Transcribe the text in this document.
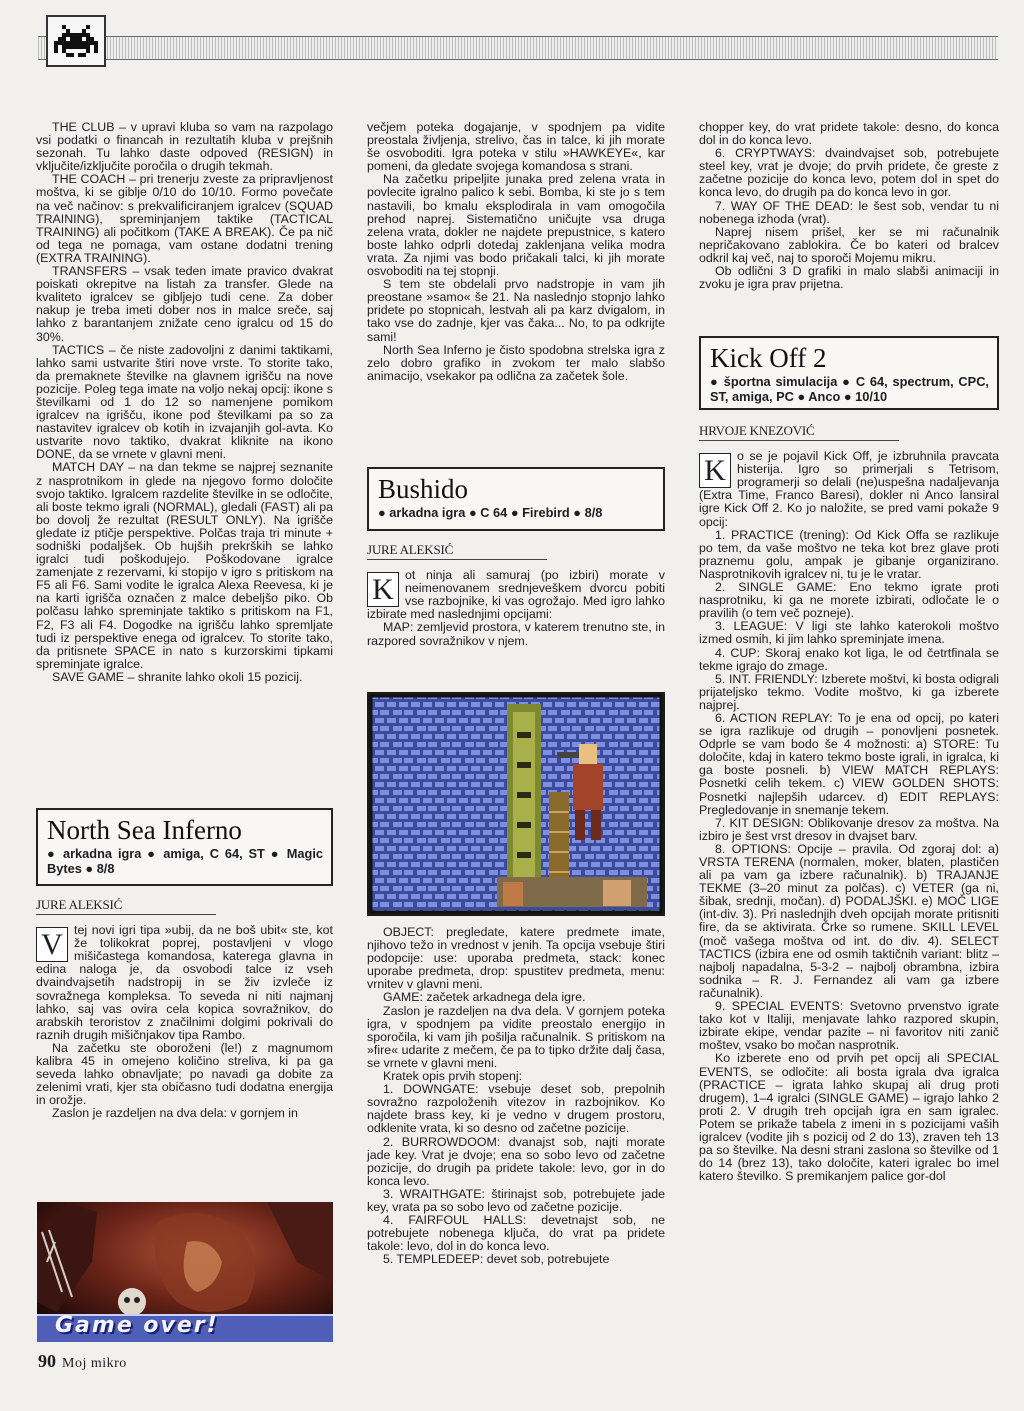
THE CLUB – v upravi kluba so vam na razpolago vsi podatki o financah in rezultatih kluba v prejšnih sezonah. Tu lahko daste odpoved (RESIGN) in vključite/izključite poročila o drugih tekmah.

THE COACH – pri trenerju zveste za pripravljenost moštva, ki se giblje 0/10 do 10/10. Formo povečate na več načinov: s prekvalificiranjem igralcev (SQUAD TRAINING), spreminjanjem taktike (TACTICAL TRAINING) ali počitkom (TAKE A BREAK). Če pa nič od tega ne pomaga, vam ostane dodatni trening (EXTRA TRAINING).

TRANSFERS – vsak teden imate pravico dvakrat poiskati okrepitve na listah za transfer. Glede na kvaliteto igralcev se gibljejo tudi cene. Za dober nakup je treba imeti dober nos in malce sreče, saj lahko z barantanjem znižate ceno igralcu od 15 do 30%.

TACTICS – če niste zadovoljni z danimi taktikami, lahko sami ustvarite štiri nove vrste. To storite tako, da premaknete številke na glavnem igrišču na nove pozicije. Poleg tega imate na voljo nekaj opcij: ikone s številkami od 1 do 12 so namenjene pomikom igralcev na igrišču, ikone pod številkami pa so za nastavitev igralcev ob kotih in izvajanjih gol-avta. Ko ustvarite novo taktiko, dvakrat kliknite na ikono DONE, da se vrnete v glavni meni.

MATCH DAY – na dan tekme se najprej seznanite z nasprotnikom in glede na njegovo formo določite svojo taktiko. Igralcem razdelite številke in se odločite, ali boste tekmo igrali (NORMAL), gledali (FAST) ali pa bo dovolj že rezultat (RESULT ONLY). Na igrišče gledate iz ptičje perspektive. Polčas traja tri minute + sodniški podaljšek. Ob hujših prekrških se lahko igralci tudi poškodujejo. Poškodovane igralce zamenjate z rezervami, ki stopijo v igro s pritiskom na F5 ali F6. Sami vodite le igralca Alexa Reevesa, ki je na karti igrišča označen z malce debeljšo piko. Ob polčasu lahko spreminjate taktiko s pritiskom na F1, F2, F3 ali F4. Dogodke na igrišču lahko spremljate tudi iz perspektive enega od igralcev. To storite tako, da pritisnete SPACE in nato s kurzorskimi tipkami spreminjate igralce.

SAVE GAME – shranite lahko okoli 15 pozicij.

North Sea Inferno
● arkadna igra ● amiga, C 64, ST ● Magic Bytes ● 8/8
JURE ALEKSIĆ
V tej novi igri tipa »ubij, da ne boš ubit« ste, kot že tolikokrat poprej, postavljeni v vlogo mišičastega komandosa, katerega glavna in edina naloga je, da osvobodi talce iz vseh dvaindvajsetih nadstropij in se živ izvleče iz sovražnega kompleksa. To seveda ni niti najmanj lahko, saj vas ovira cela kopica sovražnikov, do arabskih teroristov z značilnimi dolgimi pokrivali do raznih drugih mišičnjakov tipa Rambo.

Na začetku ste oboroženi (le!) z magnumom kalibra 45 in omejeno količino streliva, ki pa ga seveda lahko obnavljate; po navadi ga dobite za zelenimi vrati, kjer sta običasno tudi dodatna energija in orožje.

Zaslon je razdeljen na dva dela: v gornjem in

Game over!

večjem poteka dogajanje, v spodnjem pa vidite preostala življenja, strelivo, čas in talce, ki jih morate še osvoboditi. Igra poteka v stilu »HAWKEYE«, kar pomeni, da gledate svojega komandosa s strani.

Na začetku pripeljite junaka pred zelena vrata in povlecite igralno palico k sebi. Bomba, ki ste jo s tem nastavili, bo kmalu eksplodirala in vam omogočila prehod naprej. Sistematično uničujte vsa druga zelena vrata, dokler ne najdete prepustnice, s katero boste lahko odprli dotedaj zaklenjana velika modra vrata. Za njimi vas bodo pričakali talci, ki jih morate osvoboditi na tej stopnji.

S tem ste obdelali prvo nadstropje in vam jih preostane »samo« še 21. Na naslednjo stopnjo lahko pridete po stopnicah, lestvah ali pa karz dvigalom, in tako vse do zadnje, kjer vas čaka... No, to pa odkrijte sami!

North Sea Inferno je čisto spodobna strelska igra z zelo dobro grafiko in zvokom ter malo slabšo animacijo, vsekakor pa odlična za začetek šole.

Bushido
● arkadna igra ● C 64 ● Firebird ● 8/8
JURE ALEKSIĆ
K ot ninja ali samuraj (po izbiri) morate v neimenovanem srednjeveškem dvorcu pobiti vse razbojnike, ki vas ogrožajo. Med igro lahko izbirate med naslednjimi opcijami:

MAP: zemljevid prostora, v katerem trenutno ste, in razpored sovražnikov v njem.

OBJECT: pregledate, katere predmete imate, njihovo težo in vrednost v jenih. Ta opcija vsebuje štiri podopcije: use: uporaba predmeta, stack: konec uporabe predmeta, drop: spustitev predmeta, menu: vrnitev v glavni meni.

GAME: začetek arkadnega dela igre.

Zaslon je razdeljen na dva dela. V gornjem poteka igra, v spodnjem pa vidite preostalo energijo in sporočila, ki vam jih pošilja računalnik. S pritiskom na »fire« udarite z mečem, če pa to tipko držite dalj časa, se vrnete v glavni meni.

Kratek opis prvih stopenj:

1. DOWNGATE: vsebuje deset sob, prepolnih sovražno razpoloženih vitezov in razbojnikov. Ko najdete brass key, ki je vedno v drugem prostoru, odklenite vrata, ki so desno od začetne pozicije.

2. BURROWDOOM: dvanajst sob, najti morate jade key. Vrat je dvoje; ena so sobo levo od začetne pozicije, do drugih pa pridete takole: levo, gor in do konca levo.

3. WRAITHGATE: štirinajst sob, potrebujete jade key, vrata pa so sobo levo od začetne pozicije.

4. FAIRFOUL HALLS: devetnajst sob, ne potrebujete nobenega ključa, do vrat pa pridete takole: levo, dol in do konca levo.

5. TEMPLEDEEP: devet sob, potrebujete

chopper key, do vrat pridete takole: desno, do konca dol in do konca levo.

6. CRYPTWAYS: dvaindvajset sob, potrebujete steel key, vrat je dvoje; do prvih pridete, če greste z začetne pozicije do konca levo, potem dol in spet do konca levo, do drugih pa do konca levo in gor.

7. WAY OF THE DEAD: le šest sob, vendar tu ni nobenega izhoda (vrat).

Naprej nisem prišel, ker se mi računalnik nepričakovano zablokira. Če bo kateri od bralcev odkril kaj več, naj to sporoči Mojemu mikru.

Ob odlični 3 D grafiki in malo slabši animaciji in zvoku je igra prav prijetna.

Kick Off 2
● športna simulacija ● C 64, spectrum, CPC, ST, amiga, PC ● Anco ● 10/10
HRVOJE KNEZOVIĆ
K o se je pojavil Kick Off, je izbruhnila pravcata histerija. Igro so primerjali s Tetrisom, programerji so delali (ne)uspešna nadaljevanja (Extra Time, Franco Baresi), dokler ni Anco lansiral igre Kick Off 2. Ko jo naložite, se pred vami pokaže 9 opcij:

1. PRACTICE (trening): Od Kick Offa se razlikuje po tem, da vaše moštvo ne teka kot brez glave proti praznemu golu, ampak je gibanje organizirano. Nasprotnikovih igralcev ni, tu je le vratar.

2. SINGLE GAME: Eno tekmo igrate proti nasprotniku, ki ga ne morete izbirati, odločate le o pravilih (o tem več pozneje).

3. LEAGUE: V ligi ste lahko katerokoli moštvo izmed osmih, ki jim lahko spreminjate imena.

4. CUP: Skoraj enako kot liga, le od četrtfinala se tekme igrajo do zmage.

5. INT. FRIENDLY: Izberete moštvi, ki bosta odigrali prijateljsko tekmo. Vodite moštvo, ki ga izberete najprej.

6. ACTION REPLAY: To je ena od opcij, po kateri se igra razlikuje od drugih – ponovljeni posnetek. Odprle se vam bodo še 4 možnosti: a) STORE: Tu določite, kdaj in katero tekmo boste igrali, in igralca, ki ga boste posneli. b) VIEW MATCH REPLAYS: Posnetki celih tekem. c) VIEW GOLDEN SHOTS: Posnetki najlepših udarcev. d) EDIT REPLAYS: Pregledovanje in snemanje tekem.

7. KIT DESIGN: Oblikovanje dresov za moštva. Na izbiro je šest vrst dresov in dvajset barv.

8. OPTIONS: Opcije – pravila. Od zgoraj dol: a) VRSTA TERENA (normalen, moker, blaten, plastičen ali pa vam ga izbere računalnik). b) TRAJANJE TEKME (3–20 minut za polčas). c) VETER (ga ni, šibak, srednji, močan). d) PODALJŠKI. e) MOČ LIGE (int-div. 3). Pri naslednjih dveh opcijah morate pritisniti fire, da se aktivirata. Črke so rumene. SKILL LEVEL (moč vašega moštva od int. do div. 4). SELECT TACTICS (izbira ene od osmih taktičnih variant: blitz – najbolj napadalna, 5-3-2 – najbolj obrambna, izbira sodnika – R. J. Fernandez ali vam ga izbere računalnik).

9. SPECIAL EVENTS: Svetovno prvenstvo igrate tako kot v Italiji, menjavate lahko razpored skupin, izbirate ekipe, vendar pazite – ni favoritov niti zanič moštev, vsako bo močan nasprotnik.

Ko izberete eno od prvih pet opcij ali SPECIAL EVENTS, se odločite: ali bosta igrala dva igralca (PRACTICE – igrata lahko skupaj ali drug proti drugem), 1–4 igralci (SINGLE GAME) – igrajo lahko 2 proti 2. V drugih treh opcijah igra en sam igralec. Potem se prikaže tabela z imeni in s pozicijami vaših igralcev (vodite jih s pozicij od 2 do 13), zraven teh 13 pa so številke. Na desni strani zaslona so številke od 1 do 14 (brez 13), tako določite, kateri igralec bo imel katero številko. S premikanjem palice gor-dol

90 Moj mikro
